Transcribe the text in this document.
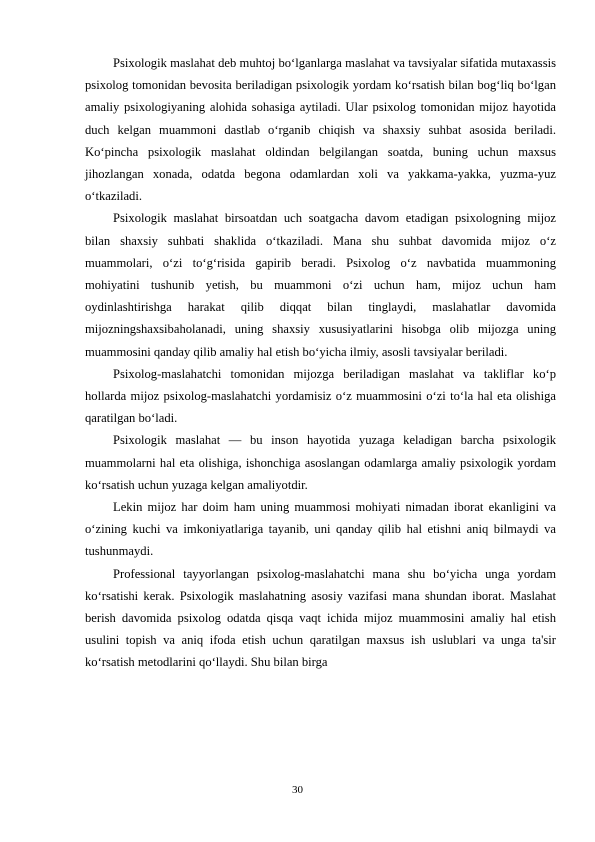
Psixologik maslahat deb muhtoj bo‘lganlarga maslahat va tavsiyalar sifatida mutaxassis psixolog tomonidan bevosita beriladigan psixologik yordam ko‘rsatish bilan bog‘liq bo‘lgan amaliy psixologiyaning alohida sohasiga aytiladi. Ular psixolog tomonidan mijoz hayotida duch kelgan muammoni dastlab o‘rganib chiqish va shaxsiy suhbat asosida beriladi. Ko‘pincha psixologik maslahat oldindan belgilangan soatda, buning uchun maxsus jihozlangan xonada, odatda begona odamlardan xoli va yakkama-yakka, yuzma-yuz o‘tkaziladi.

Psixologik maslahat birsoatdan uch soatgacha davom etadigan psixologning mijoz bilan shaxsiy suhbati shaklida o‘tkaziladi. Mana shu suhbat davomida mijoz o‘z muammolari, o‘zi to‘g‘risida gapirib beradi. Psixolog o‘z navbatida muammoning mohiyatini tushunib yetish, bu muammoni o‘zi uchun ham, mijoz uchun ham oydinlashtirishga harakat qilib diqqat bilan tinglaydi, maslahatlar davomida mijozningshaxsibaholanadi, uning shaxsiy xususiyatlarini hisobga olib mijozga uning muammosini qanday qilib amaliy hal etish bo‘yicha ilmiy, asosli tavsiyalar beriladi.

Psixolog-maslahatchi tomonidan mijozga beriladigan maslahat va takliflar ko‘p hollarda mijoz psixolog-maslahatchi yordamisiz o‘z muammosini o‘zi to‘la hal eta olishiga qaratilgan bo‘ladi.

Psixologik maslahat — bu inson hayotida yuzaga keladigan barcha psixologik muammolarni hal eta olishiga, ishonchiga asoslangan odamlarga amaliy psixologik yordam ko‘rsatish uchun yuzaga kelgan amaliyotdir.

Lekin mijoz har doim ham uning muammosi mohiyati nimadan iborat ekanligini va o‘zining kuchi va imkoniyatlariga tayanib, uni qanday qilib hal etishni aniq bilmaydi va tushunmaydi.

Professional tayyorlangan psixolog-maslahatchi mana shu bo‘yicha unga yordam ko‘rsatishi kerak. Psixologik maslahatning asosiy vazifasi mana shundan iborat. Maslahat berish davomida psixolog odatda qisqa vaqt ichida mijoz muammosini amaliy hal etish usulini topish va aniq ifoda etish uchun qaratilgan maxsus ish uslublari va unga ta'sir ko‘rsatish metodlarini qo‘llaydi. Shu bilan birga

30
